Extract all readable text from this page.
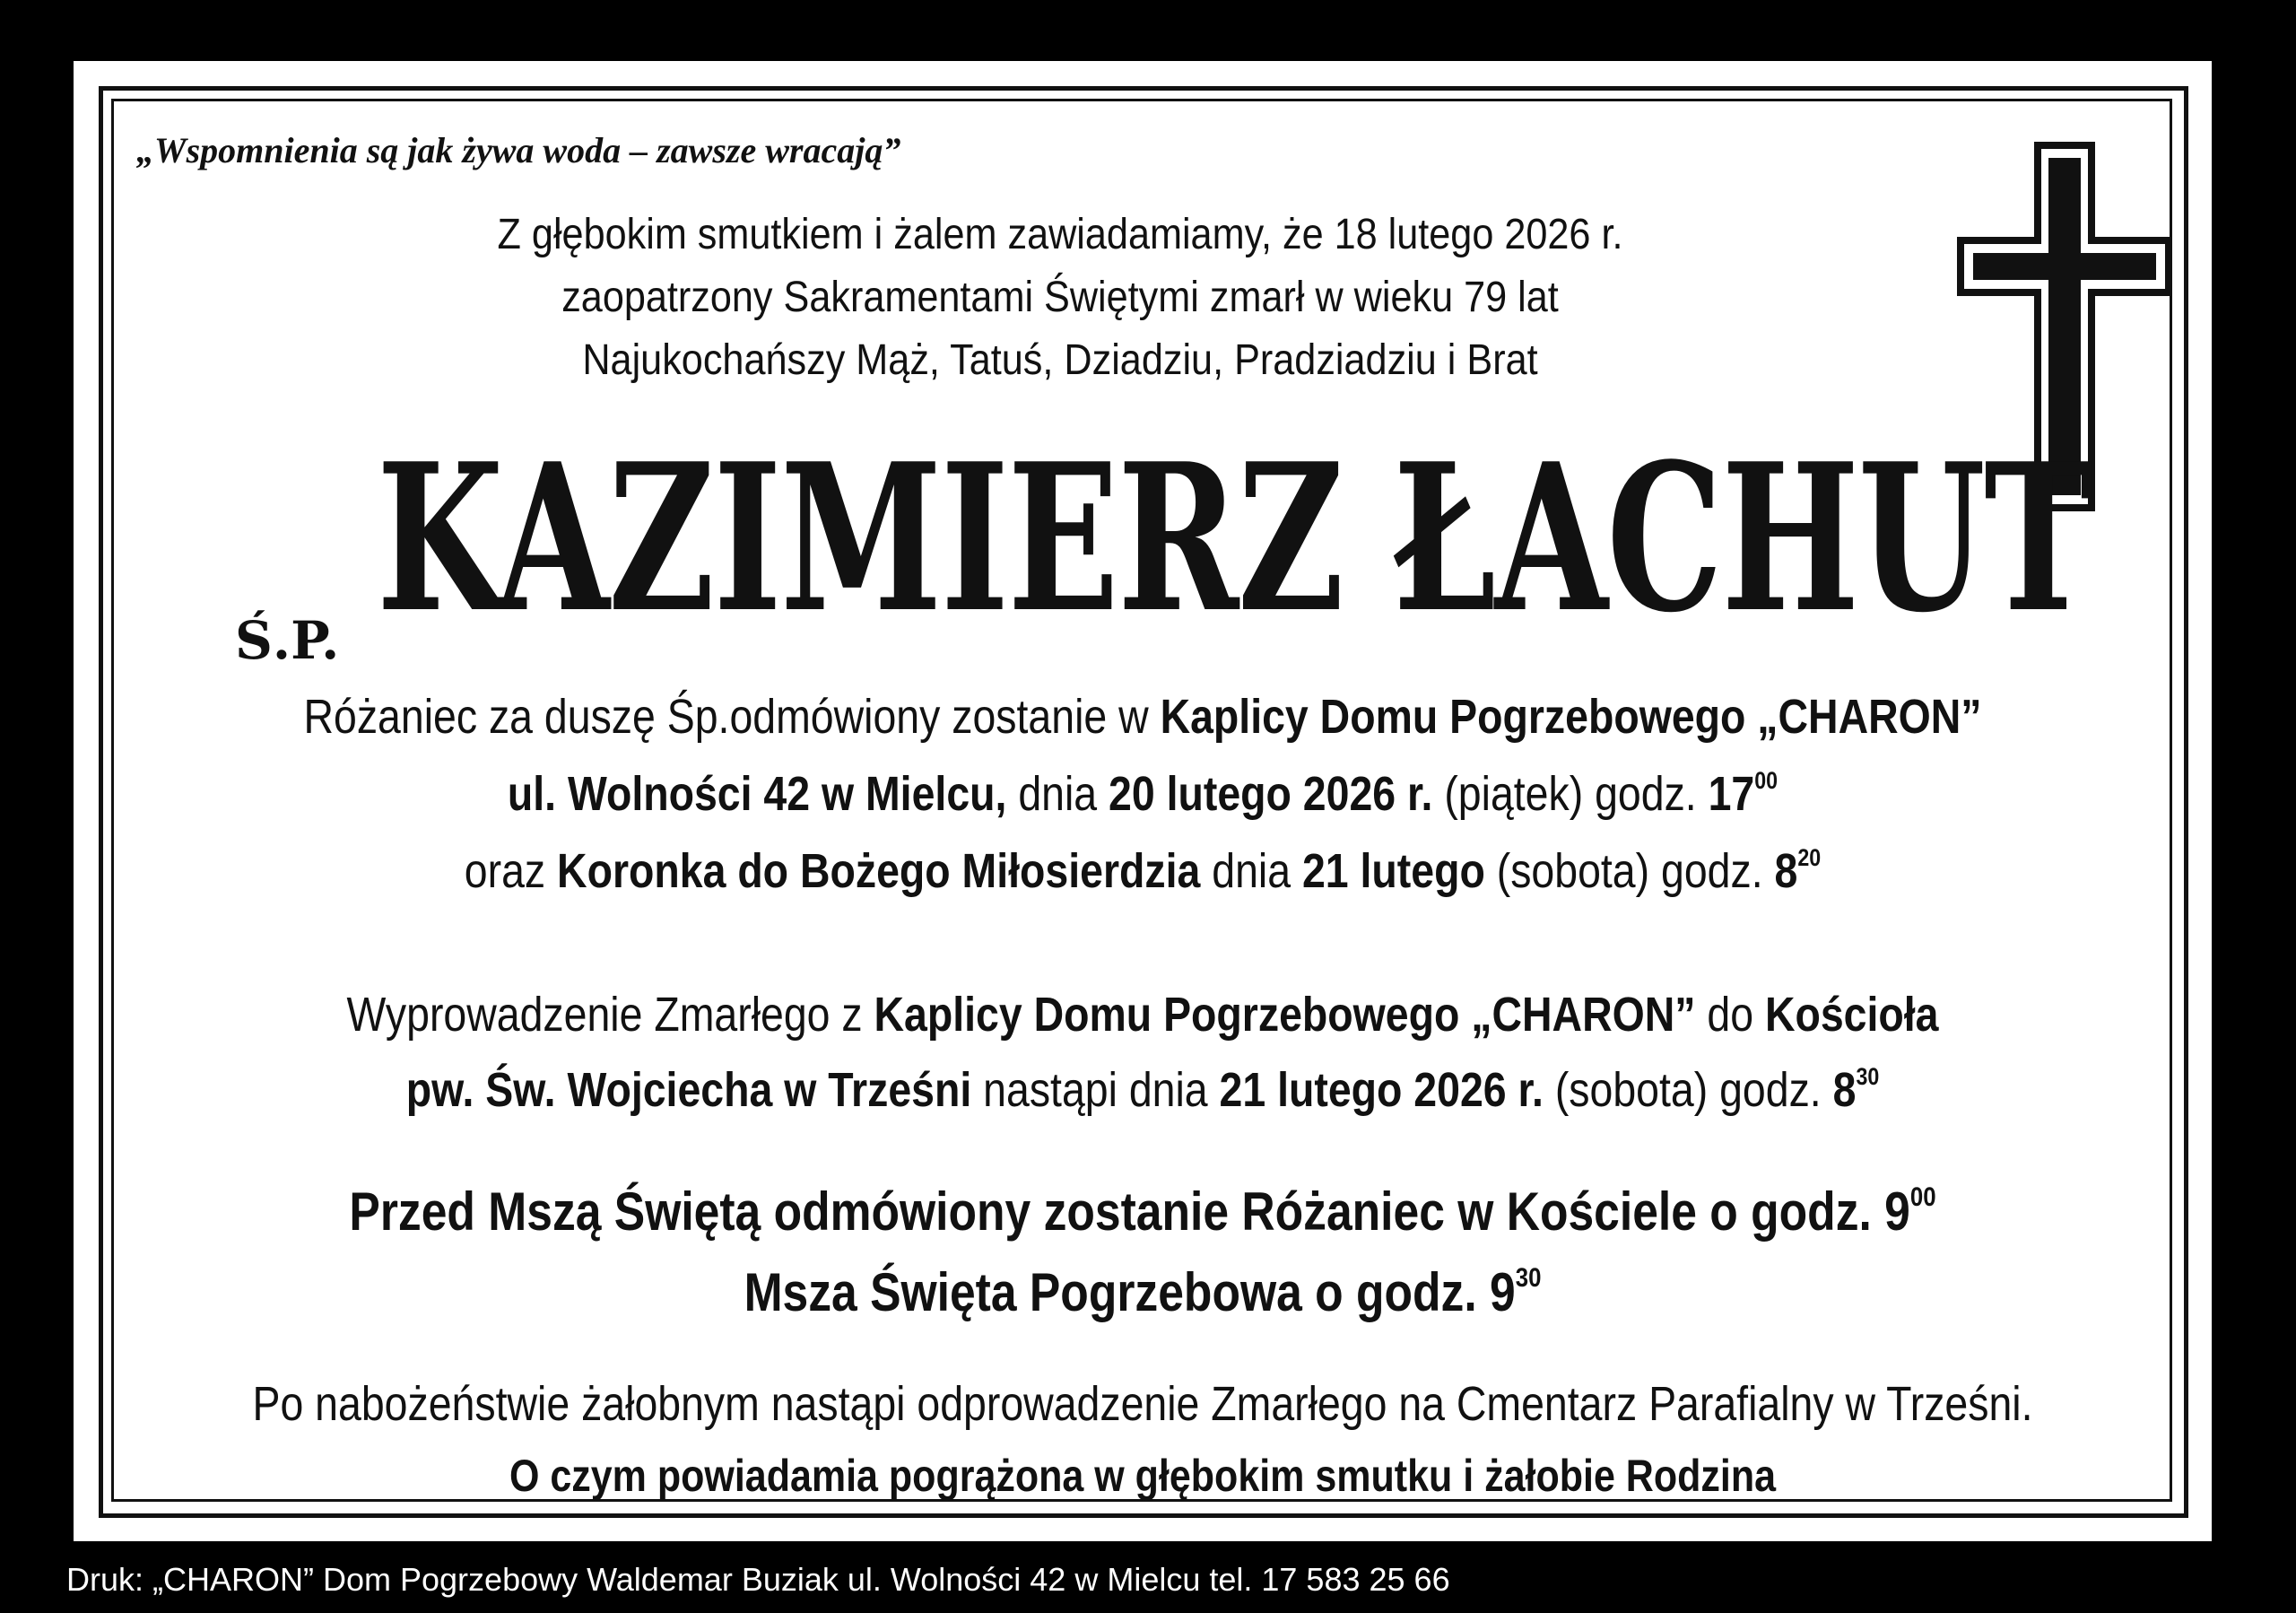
„Wspomnienia są jak żywa woda – zawsze wracają”
Z głębokim smutkiem i żalem zawiadamiamy, że 18 lutego 2026 r.
zaopatrzony Sakramentami Świętymi zmarł w wieku 79 lat
Najukochańszy Mąż, Tatuś, Dziadziu, Pradziadziu i Brat
Ś.P. KAZIMIERZ ŁACHUT
Różaniec za duszę Śp.odmówiony zostanie w Kaplicy Domu Pogrzebowego „CHARON”
ul. Wolności 42 w Mielcu, dnia 20 lutego 2026 r. (piątek) godz. $17^{00}$
oraz Koronka do Bożego Miłosierdzia dnia 21 lutego (sobota) godz. $8^{20}$
Wyprowadzenie Zmarłego z Kaplicy Domu Pogrzebowego „CHARON” do Kościoła
pw. Św. Wojciecha w Trześni nastąpi dnia 21 lutego 2026 r. (sobota) godz. $8^{30}$
Przed Mszą Świętą odmówiony zostanie Różaniec w Kościele o godz. $9^{00}$
Msza Święta Pogrzebowa o godz. $9^{30}$
Po nabożeństwie żałobnym nastąpi odprowadzenie Zmarłego na Cmentarz Parafialny w Trześni.
O czym powiadamia pogrążona w głębokim smutku i żałobie Rodzina
Druk: „CHARON” Dom Pogrzebowy Waldemar Buziak ul. Wolności 42 w Mielcu tel. 17 583 25 66
